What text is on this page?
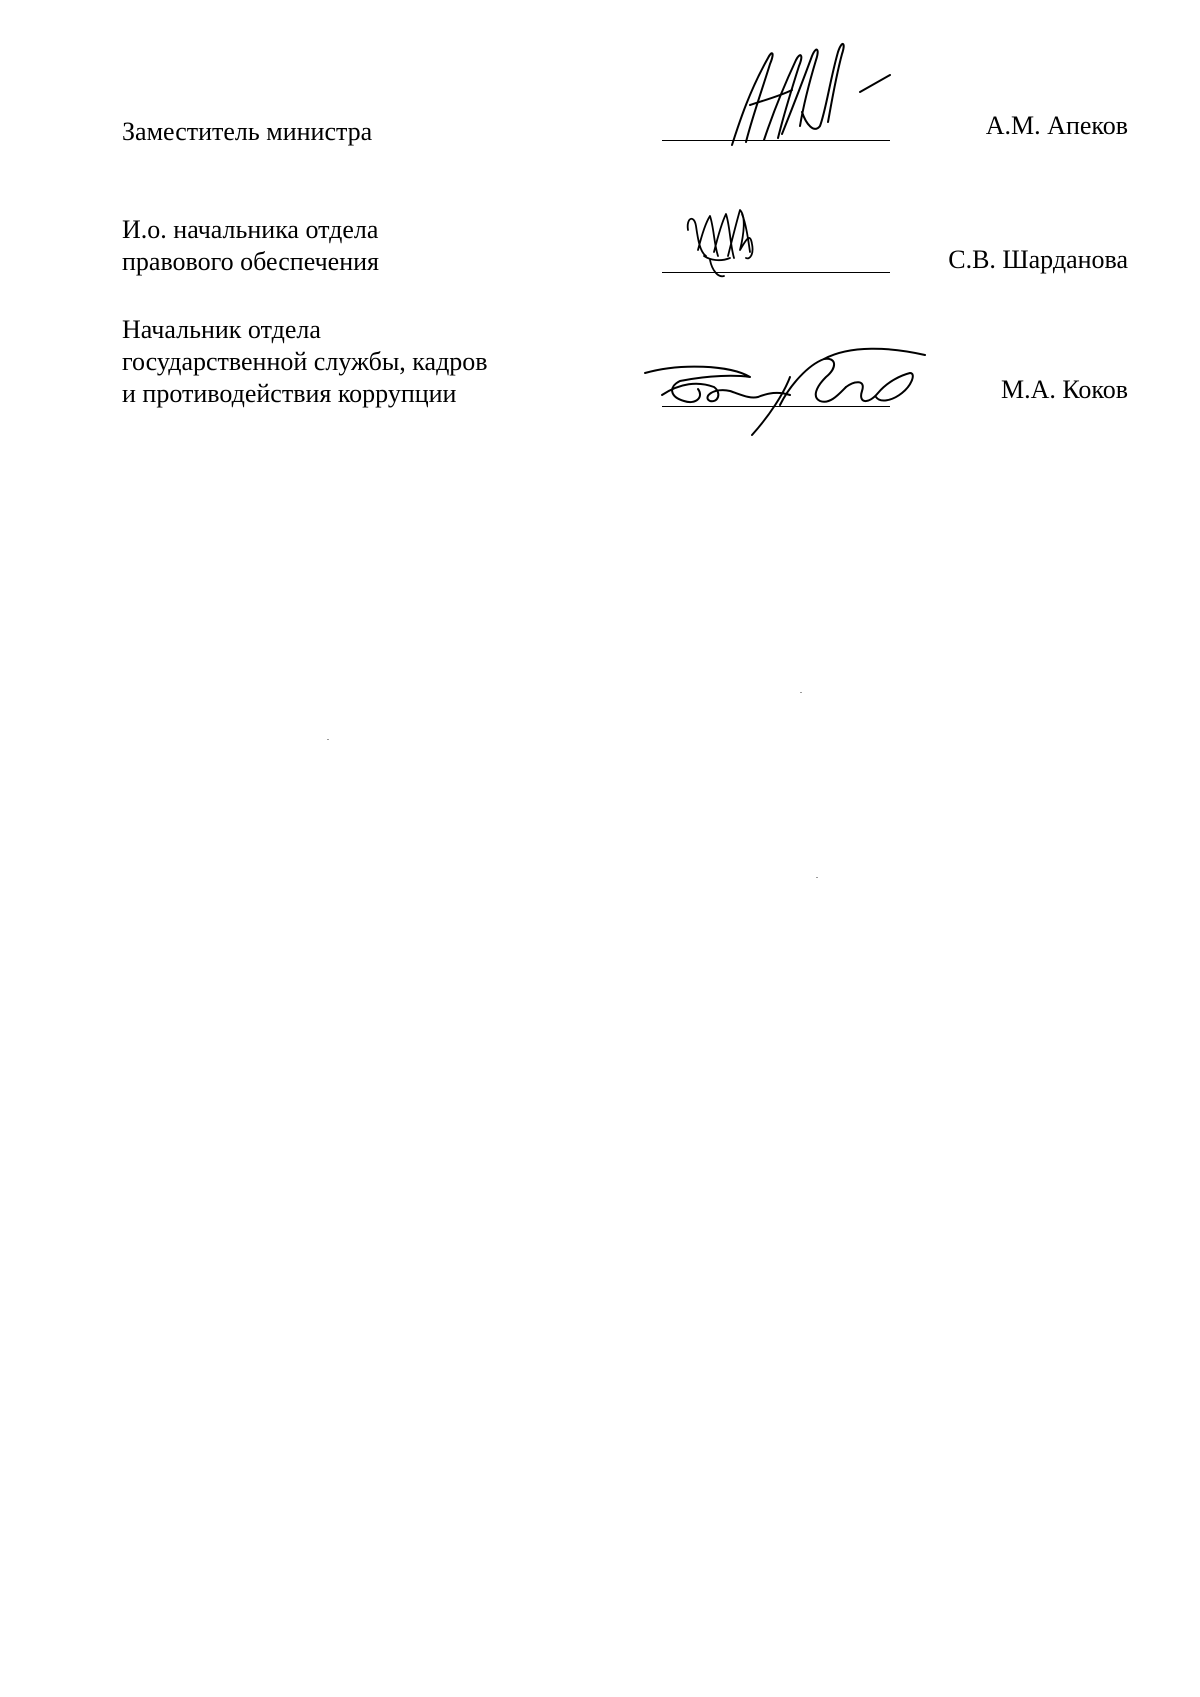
Заместитель министра	А.М. Апеков
И.о. начальника отдела
правового обеспечения	С.В. Шарданова
Начальник отдела
государственной службы, кадров
и противодействия коррупции	М.А. Коков
